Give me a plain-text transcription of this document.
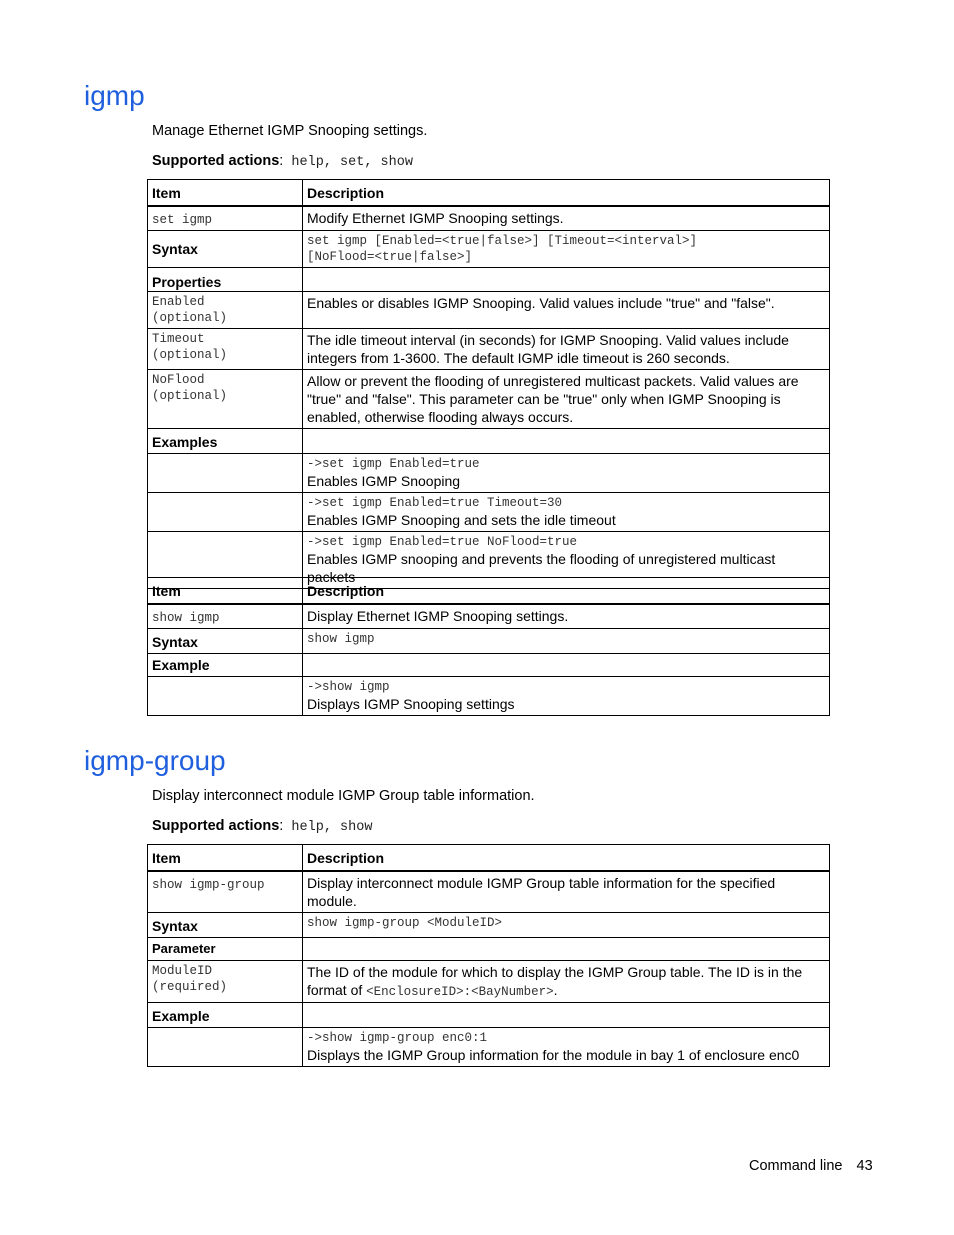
igmp

Manage Ethernet IGMP Snooping settings.

Supported actions: help, set, show

Item	Description
set igmp	Modify Ethernet IGMP Snooping settings.
Syntax	set igmp [Enabled=<true|false>] [Timeout=<interval>]
[NoFlood=<true|false>]

Properties	

Enabled
(optional)	Enables or disables IGMP Snooping. Valid values include "true" and "false".

Timeout
(optional)	The idle timeout interval (in seconds) for IGMP Snooping. Valid values include integers from 1-3600. The default IGMP idle timeout is 260 seconds.

NoFlood
(optional)	Allow or prevent the flooding of unregistered multicast packets. Valid values are "true" and "false". This parameter can be "true" only when IGMP Snooping is enabled, otherwise flooding always occurs.
Examples	

	->set igmp Enabled=true
Enables IGMP Snooping

	->set igmp Enabled=true Timeout=30
Enables IGMP Snooping and sets the idle timeout

	->set igmp Enabled=true NoFlood=true
Enables IGMP snooping and prevents the flooding of unregistered multicast packets
Item	Description
show igmp	Display Ethernet IGMP Snooping settings.
Syntax	show igmp

Example	

	->show igmp
Displays IGMP Snooping settings
igmp-group

Display interconnect module IGMP Group table information.

Supported actions: help, show

Item	Description
show igmp-group	Display interconnect module IGMP Group table information for the specified module.
Syntax	show igmp-group <ModuleID>

Parameter	

ModuleID
(required)	The ID of the module for which to display the IGMP Group table. The ID is in the format of <EnclosureID>:<BayNumber>.
Example	

	->show igmp-group enc0:1
Displays the IGMP Group information for the module in bay 1 of enclosure enc0
Command line 43
